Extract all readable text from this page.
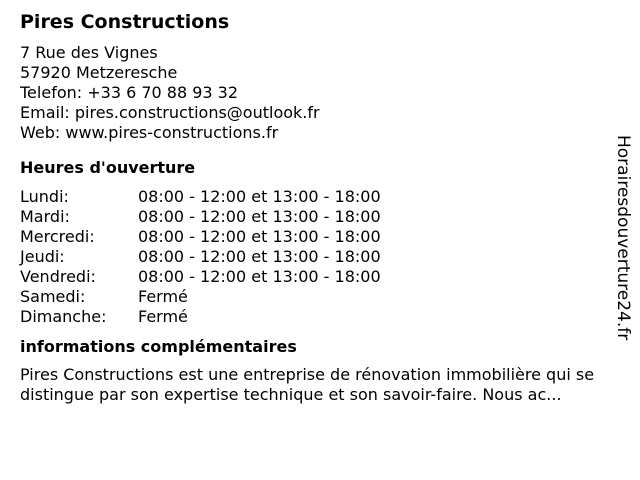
Pires Constructions
7 Rue des Vignes
57920 Metzeresche
Telefon: +33 6 70 88 93 32
Email: pires.constructions@outlook.fr
Web: www.pires-constructions.fr
Heures d'ouverture
Lundi:	08:00 - 12:00 et 13:00 - 18:00
Mardi:	08:00 - 12:00 et 13:00 - 18:00
Mercredi:	08:00 - 12:00 et 13:00 - 18:00
Jeudi:	08:00 - 12:00 et 13:00 - 18:00
Vendredi:	08:00 - 12:00 et 13:00 - 18:00
Samedi:	Fermé
Dimanche:	Fermé
informations complémentaires
Pires Constructions est une entreprise de rénovation immobilière qui se distingue par son expertise technique et son savoir-faire. Nous ac...
Horairesdouverture24.fr
